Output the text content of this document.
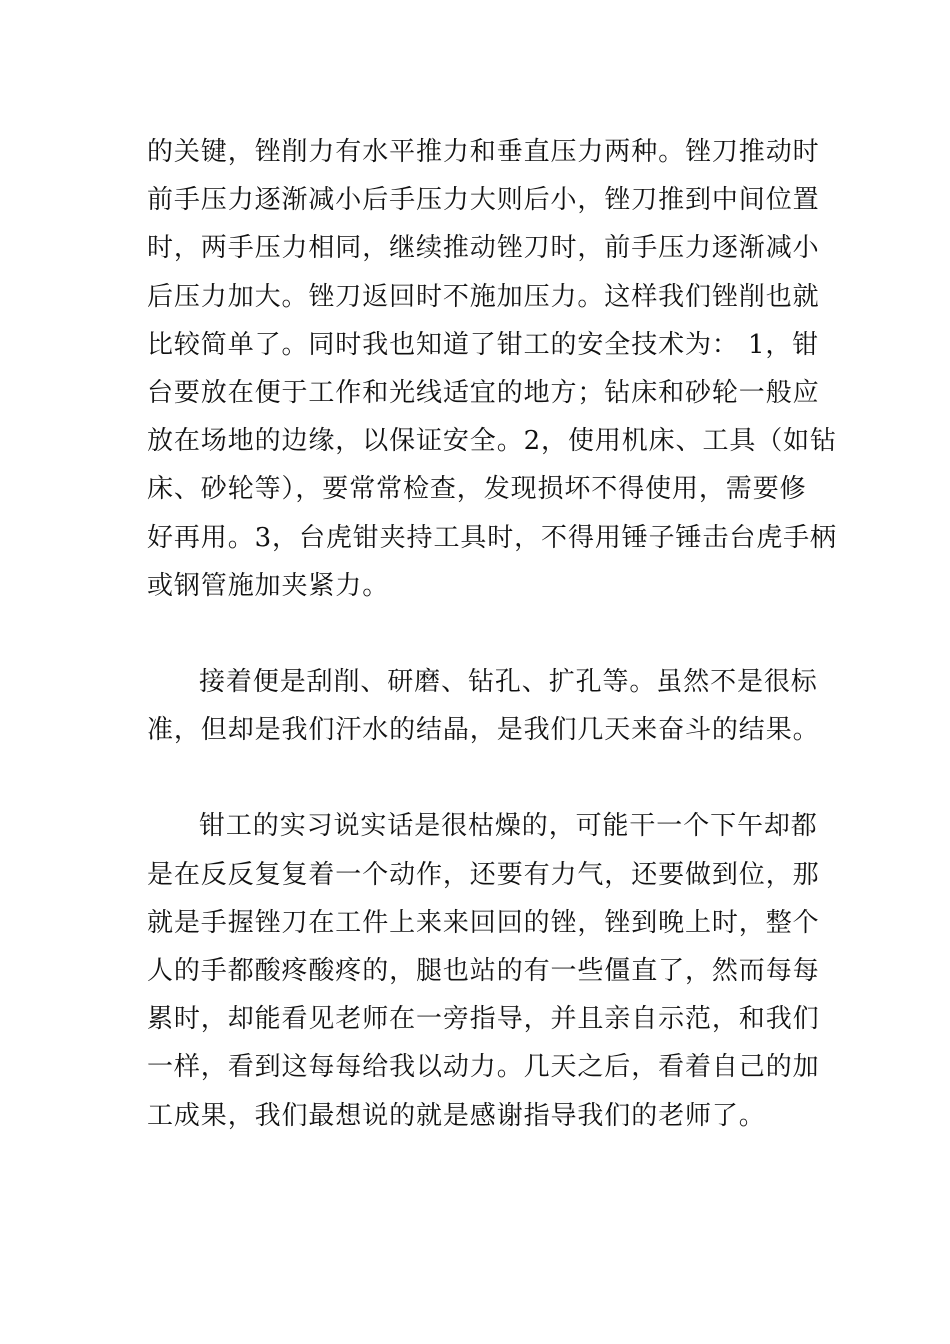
的关键，锉削力有水平推力和垂直压力两种。锉刀推动时
前手压力逐渐减小后手压力大则后小，锉刀推到中间位置
时，两手压力相同，继续推动锉刀时，前手压力逐渐减小
后压力加大。锉刀返回时不施加压力。这样我们锉削也就
比较简单了。同时我也知道了钳工的安全技术为： 1，钳
台要放在便于工作和光线适宜的地方；钻床和砂轮一般应
放在场地的边缘，以保证安全。2，使用机床、工具（如钻
床、砂轮等），要常常检查，发现损坏不得使用，需要修
好再用。3，台虎钳夹持工具时，不得用锤子锤击台虎手柄
或钢管施加夹紧力。

接着便是刮削、研磨、钻孔、扩孔等。虽然不是很标
准，但却是我们汗水的结晶，是我们几天来奋斗的结果。

钳工的实习说实话是很枯燥的，可能干一个下午却都
是在反反复复着一个动作，还要有力气，还要做到位，那
就是手握锉刀在工件上来来回回的锉，锉到晚上时，整个
人的手都酸疼酸疼的，腿也站的有一些僵直了，然而每每
累时，却能看见老师在一旁指导，并且亲自示范，和我们
一样，看到这每每给我以动力。几天之后，看着自己的加
工成果，我们最想说的就是感谢指导我们的老师了。
